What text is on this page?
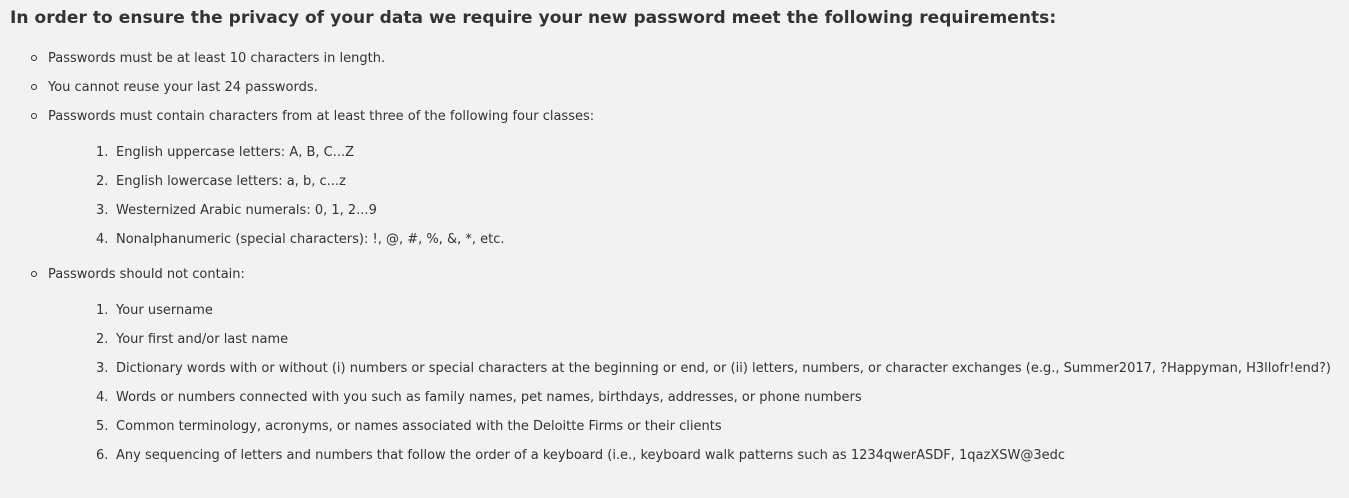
In order to ensure the privacy of your data we require your new password meet the following requirements:
Passwords must be at least 10 characters in length.
You cannot reuse your last 24 passwords.
Passwords must contain characters from at least three of the following four classes:
1. English uppercase letters: A, B, C...Z
2. English lowercase letters: a, b, c...z
3. Westernized Arabic numerals: 0, 1, 2...9
4. Nonalphanumeric (special characters): !, @, #, %, &, *, etc.
Passwords should not contain:
1. Your username
2. Your first and/or last name
3. Dictionary words with or without (i) numbers or special characters at the beginning or end, or (ii) letters, numbers, or character exchanges (e.g., Summer2017, ?Happyman, H3llofr!end?)
4. Words or numbers connected with you such as family names, pet names, birthdays, addresses, or phone numbers
5. Common terminology, acronyms, or names associated with the Deloitte Firms or their clients
6. Any sequencing of letters and numbers that follow the order of a keyboard (i.e., keyboard walk patterns such as 1234qwerASDF, 1qazXSW@3edc
